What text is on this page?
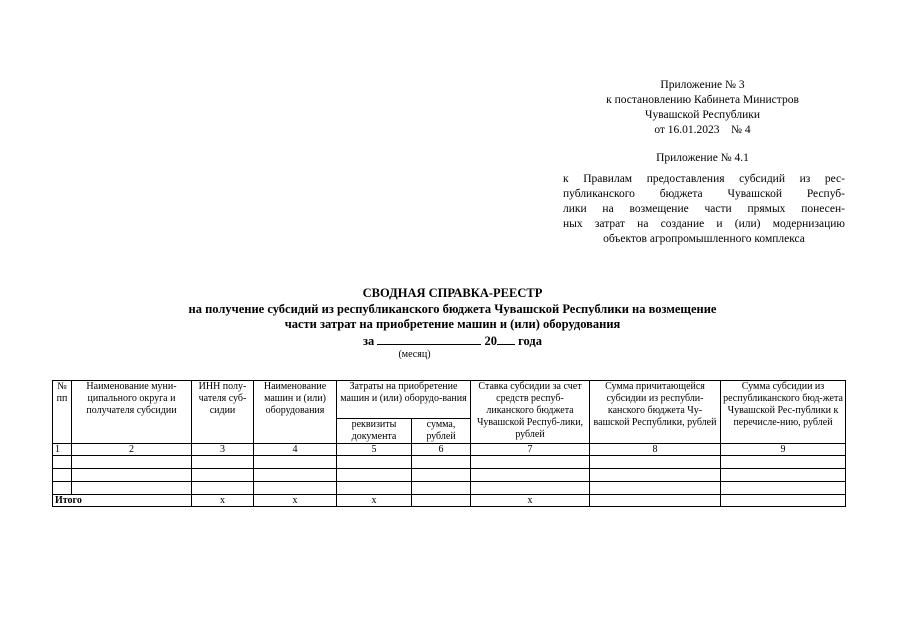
Приложение № 3
к постановлению Кабинета Министров
Чувашской Республики
от 16.01.2023    № 4
Приложение № 4.1
к Правилам предоставления субсидий из рес-
публиканского бюджета Чувашской Респуб-
лики на возмещение части прямых понесен-
ных затрат на создание и (или) модернизацию
объектов агропромышленного комплекса
СВОДНАЯ СПРАВКА-РЕЕСТР
на получение субсидий из республиканского бюджета Чувашской Республики на возмещение
части затрат на приобретение машин и (или) оборудования
за	20 года
(месяц)
№ пп	Наименование муни-ципального округа и получателя субсидии	ИНН полу-чателя суб-сидии	Наименование машин и (или) оборудования	Затраты на приобретение машин и (или) оборудо-вания		Ставка субсидии за счет средств респуб-ликанского бюджета Чувашской Респуб-лики, рублей	Сумма причитающейся субсидии из республи-канского бюджета Чу-вашской Республики, рублей	Сумма субсидии из республиканского бюд-жета Чувашской Рес-публики к перечисле-нию, рублей
				реквизиты документа	сумма, рублей			
1	2	3	4	5	6	7	8	9

Итого		x	x	x		x		
